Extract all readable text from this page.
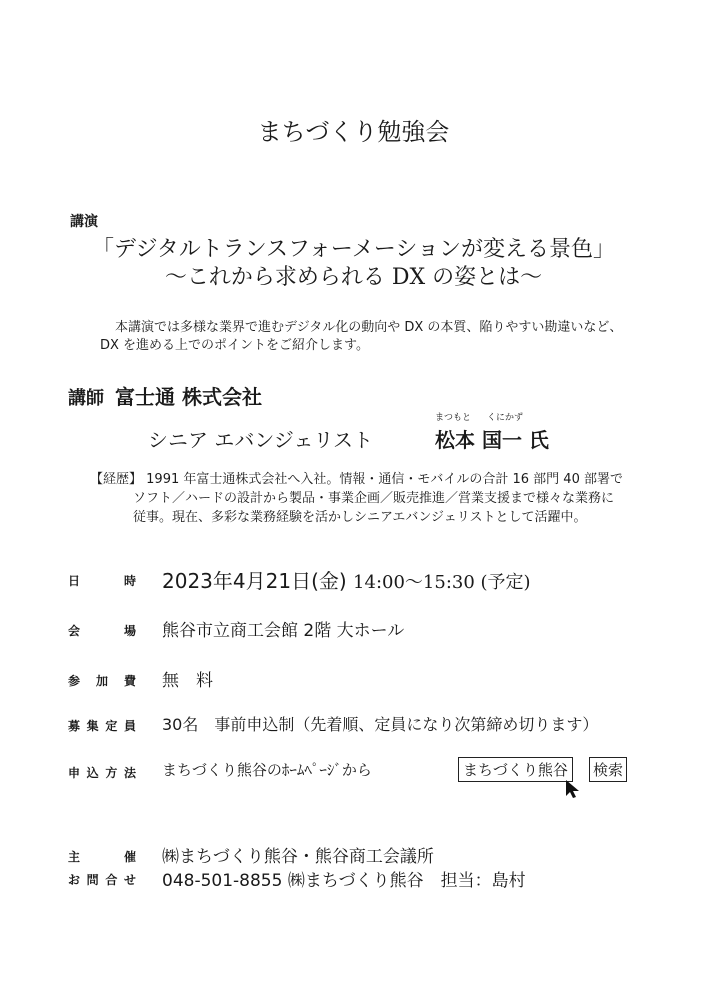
まちづくり勉強会
講演
「デジタルトランスフォーメーションが変える景色」
～これから求められる DX の姿とは～
本講演では多様な業界で進むデジタル化の動向や DX の本質、陥りやすい勘違いなど、
DX を進める上でのポイントをご紹介します。
講師 富士通 株式会社
シニア エバンジェリスト
まつもと くにかず
松本 国一 氏
【経歴】 1991 年富士通株式会社へ入社。情報・通信・モバイルの合計 16 部門 40 部署で
ソフト／ハードの設計から製品・事業企画／販売推進／営業支援まで様々な業務に
従事。現在、多彩な業務経験を活かしシニアエバンジェリストとして活躍中。
日時 2023年4月21日(金) 14:00～15:30 (予定)
会場 熊谷市立商工会館 2階 大ホール
参加費 無　料
募集定員 30名　事前申込制（先着順、定員になり次第締め切ります）
申込方法 まちづくり熊谷のﾎｰﾑﾍﾟｰｼﾞから	まちづくり熊谷	検索
主催 ㈱まちづくり熊谷・熊谷商工会議所
お問合せ 048-501-8855 ㈱まちづくり熊谷　担当：島村
